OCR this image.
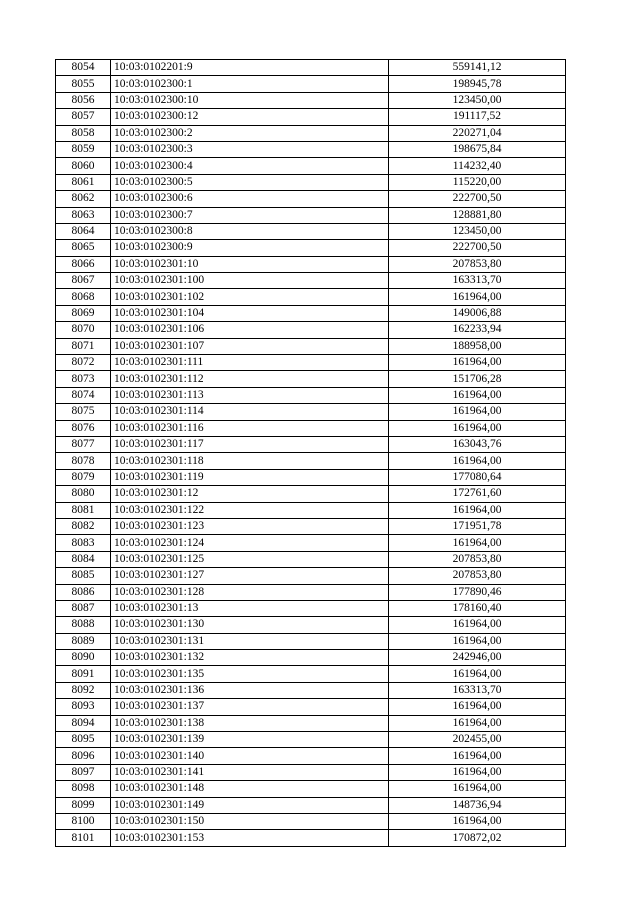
8054	10:03:0102201:9	559141,12
8055	10:03:0102300:1	198945,78
8056	10:03:0102300:10	123450,00
8057	10:03:0102300:12	191117,52
8058	10:03:0102300:2	220271,04
8059	10:03:0102300:3	198675,84
8060	10:03:0102300:4	114232,40
8061	10:03:0102300:5	115220,00
8062	10:03:0102300:6	222700,50
8063	10:03:0102300:7	128881,80
8064	10:03:0102300:8	123450,00
8065	10:03:0102300:9	222700,50
8066	10:03:0102301:10	207853,80
8067	10:03:0102301:100	163313,70
8068	10:03:0102301:102	161964,00
8069	10:03:0102301:104	149006,88
8070	10:03:0102301:106	162233,94
8071	10:03:0102301:107	188958,00
8072	10:03:0102301:111	161964,00
8073	10:03:0102301:112	151706,28
8074	10:03:0102301:113	161964,00
8075	10:03:0102301:114	161964,00
8076	10:03:0102301:116	161964,00
8077	10:03:0102301:117	163043,76
8078	10:03:0102301:118	161964,00
8079	10:03:0102301:119	177080,64
8080	10:03:0102301:12	172761,60
8081	10:03:0102301:122	161964,00
8082	10:03:0102301:123	171951,78
8083	10:03:0102301:124	161964,00
8084	10:03:0102301:125	207853,80
8085	10:03:0102301:127	207853,80
8086	10:03:0102301:128	177890,46
8087	10:03:0102301:13	178160,40
8088	10:03:0102301:130	161964,00
8089	10:03:0102301:131	161964,00
8090	10:03:0102301:132	242946,00
8091	10:03:0102301:135	161964,00
8092	10:03:0102301:136	163313,70
8093	10:03:0102301:137	161964,00
8094	10:03:0102301:138	161964,00
8095	10:03:0102301:139	202455,00
8096	10:03:0102301:140	161964,00
8097	10:03:0102301:141	161964,00
8098	10:03:0102301:148	161964,00
8099	10:03:0102301:149	148736,94
8100	10:03:0102301:150	161964,00
8101	10:03:0102301:153	170872,02
